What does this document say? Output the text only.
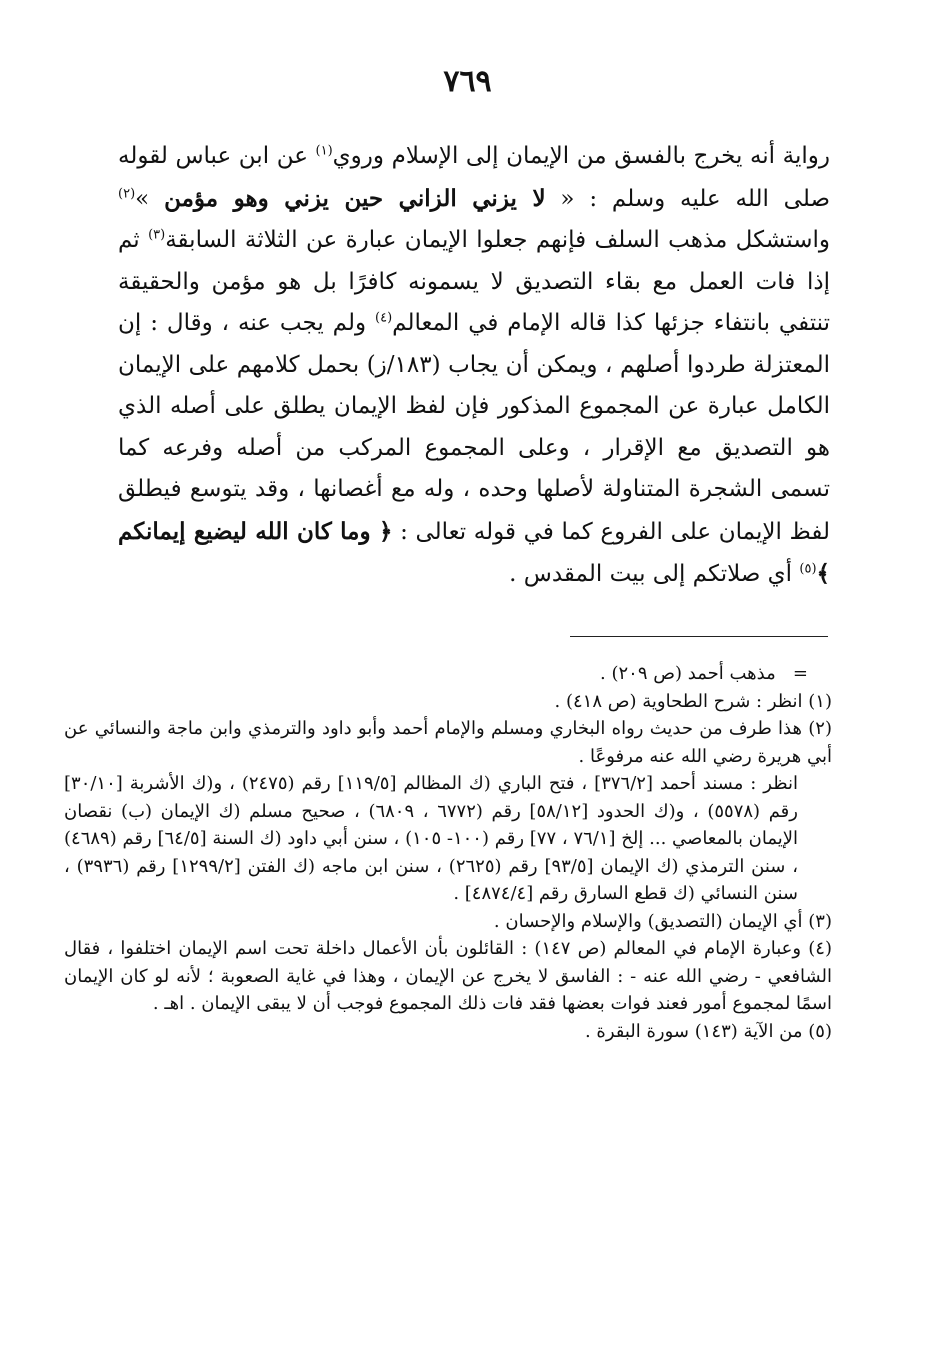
٧٦٩

رواية أنه يخرج بالفسق من الإيمان إلى الإسلام وروي$^{(١)}$ عن ابن عباس لقوله صلى الله عليه وسلم : « لا يزني الزاني حين يزني وهو مؤمن »$^{(٢)}$ واستشكل مذهب السلف فإنهم جعلوا الإيمان عبارة عن الثلاثة السابقة$^{(٣)}$ ثم إذا فات العمل مع بقاء التصديق لا يسمونه كافرًا بل هو مؤمن والحقيقة تنتفي بانتفاء جزئها كذا قاله الإمام في المعالم$^{(٤)}$ ولم يجب عنه ، وقال : إن المعتزلة طردوا أصلهم ، ويمكن أن يجاب (١٨٣/ز) بحمل كلامهم على الإيمان الكامل عبارة عن المجموع المذكور فإن لفظ الإيمان يطلق على أصله الذي هو التصديق مع الإقرار ، وعلى المجموع المركب من أصله وفرعه كما تسمى الشجرة المتناولة لأصلها وحده ، وله مع أغصانها ، وقد يتوسع فيطلق لفظ الإيمان على الفروع كما في قوله تعالى : ﴿ وما كان الله ليضيع إيمانكم ﴾$^{(٥)}$ أي صلاتكم إلى بيت المقدس .

=   مذهب أحمد (ص ٢٠٩) .

(١) انظر : شرح الطحاوية (ص ٤١٨) .

(٢) هذا طرف من حديث رواه البخاري ومسلم والإمام أحمد وأبو داود والترمذي وابن ماجة والنسائي عن أبي هريرة رضي الله عنه مرفوعًا .

انظر : مسند أحمد [٣٧٦/٢] ، فتح الباري (ك المظالم [١١٩/٥] رقم (٢٤٧٥) ، و(ك الأشربة [٣٠/١٠] رقم (٥٥٧٨) ، و(ك الحدود [٥٨/١٢] رقم (٦٧٧٢ ، ٦٨٠٩) ، صحيح مسلم (ك الإيمان (ب) نقصان الإيمان بالمعاصي ... إلخ [٧٦/١ ، ٧٧] رقم (١٠٠- ١٠٥) ، سنن أبي داود (ك السنة [٦٤/٥] رقم (٤٦٨٩) ، سنن الترمذي (ك الإيمان [٩٣/٥] رقم (٢٦٢٥) ، سنن ابن ماجه (ك الفتن [١٢٩٩/٢] رقم (٣٩٣٦) ، سنن النسائي (ك قطع السارق رقم [٤٨٧٤/٤] .

(٣) أي الإيمان (التصديق) والإسلام والإحسان .

(٤) وعبارة الإمام في المعالم (ص ١٤٧) : القائلون بأن الأعمال داخلة تحت اسم الإيمان اختلفوا ، فقال الشافعي - رضي الله عنه - : الفاسق لا يخرج عن الإيمان ، وهذا في غاية الصعوبة ؛ لأنه لو كان الإيمان اسمًا لمجموع أمور فعند فوات بعضها فقد فات ذلك المجموع فوجب أن لا يبقى الإيمان . اهـ .

(٥) من الآية (١٤٣) سورة البقرة .
